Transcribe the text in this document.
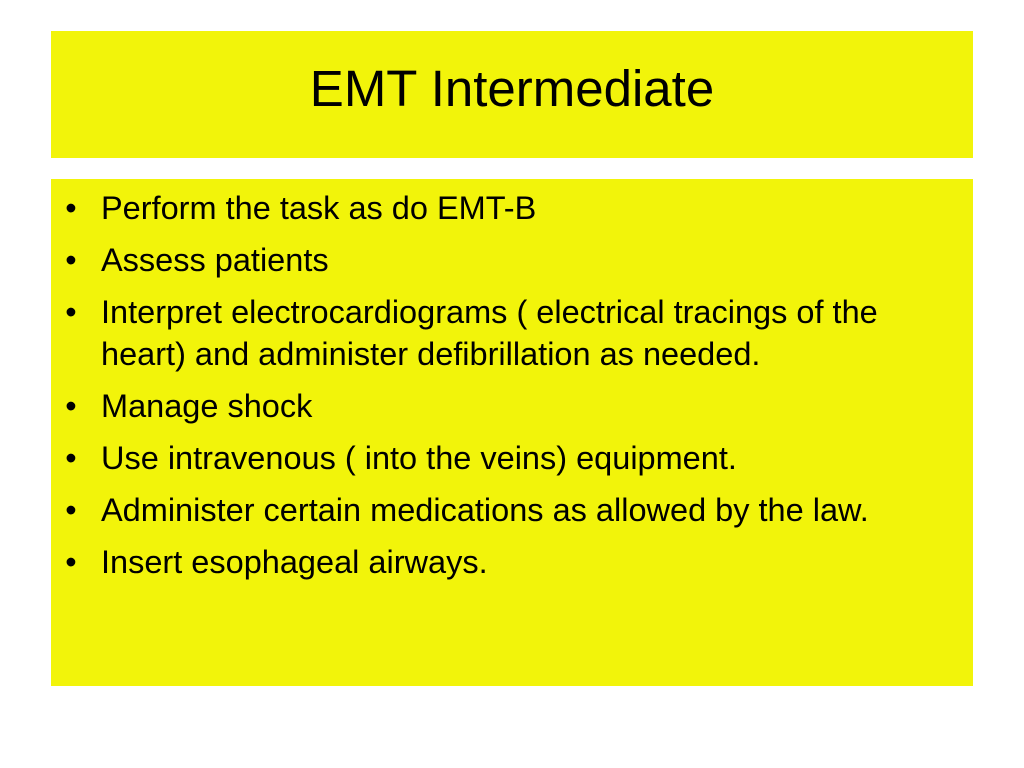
EMT Intermediate
• Perform the task as do EMT-B
• Assess patients
• Interpret electrocardiograms ( electrical tracings of the heart) and administer defibrillation as needed.
• Manage shock
• Use intravenous ( into the veins) equipment.
• Administer certain medications as allowed by the law.
• Insert esophageal airways.
